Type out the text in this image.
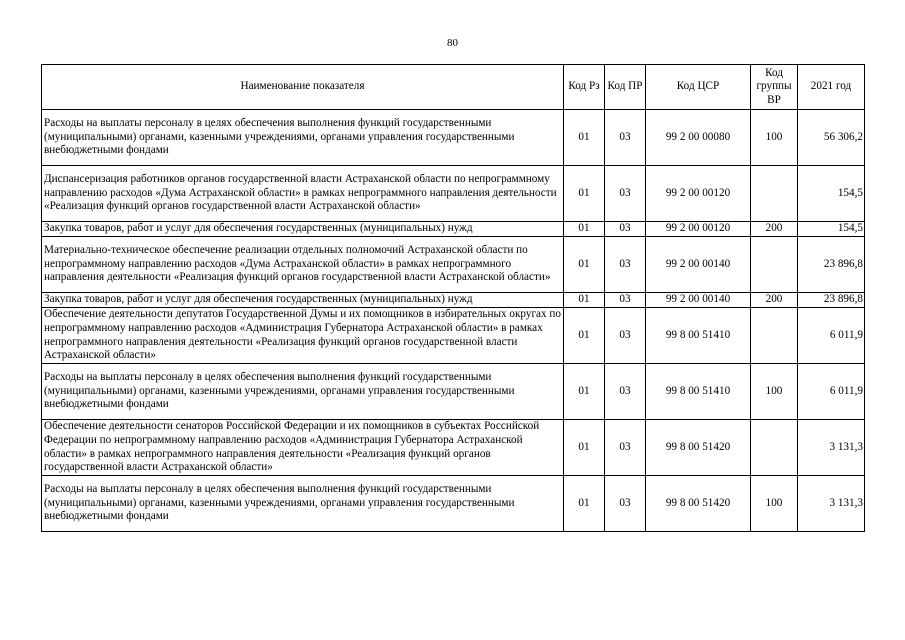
80
Наименование показателя	Код Рз	Код ПР	Код ЦСР	Код группы ВР	2021 год
Расходы на выплаты персоналу в целях обеспечения выполнения функций государственными (муниципальными) органами, казенными учреждениями, органами управления государственными внебюджетными фондами	01	03	99 2 00 00080	100	56 306,2
Диспансеризация работников органов государственной власти Астраханской области по непрограммному направлению расходов «Дума Астраханской области» в рамках непрограммного направления деятельности «Реализация функций органов государственной власти Астраханской области»	01	03	99 2 00 00120		154,5
Закупка товаров, работ и услуг для обеспечения государственных (муниципальных) нужд	01	03	99 2 00 00120	200	154,5
Материально-техническое обеспечение реализации отдельных полномочий Астраханской области по непрограммному направлению расходов «Дума Астраханской области» в рамках непрограммного направления деятельности «Реализация функций органов государственной власти Астраханской области»	01	03	99 2 00 00140		23 896,8
Закупка товаров, работ и услуг для обеспечения государственных (муниципальных) нужд	01	03	99 2 00 00140	200	23 896,8
Обеспечение деятельности депутатов Государственной Думы и их помощников в избирательных округах по непрограммному направлению расходов «Администрация Губернатора Астраханской области» в рамках непрограммного направления деятельности «Реализация функций органов государственной власти Астраханской области»	01	03	99 8 00 51410		6 011,9
Расходы на выплаты персоналу в целях обеспечения выполнения функций государственными (муниципальными) органами, казенными учреждениями, органами управления государственными внебюджетными фондами	01	03	99 8 00 51410	100	6 011,9
Обеспечение деятельности сенаторов Российской Федерации и их помощников в субъектах Российской Федерации по непрограммному направлению расходов «Администрация Губернатора Астраханской области» в рамках непрограммного направления деятельности «Реализация функций органов государственной власти Астраханской области»	01	03	99 8 00 51420		3 131,3
Расходы на выплаты персоналу в целях обеспечения выполнения функций государственными (муниципальными) органами, казенными учреждениями, органами управления государственными внебюджетными фондами	01	03	99 8 00 51420	100	3 131,3
